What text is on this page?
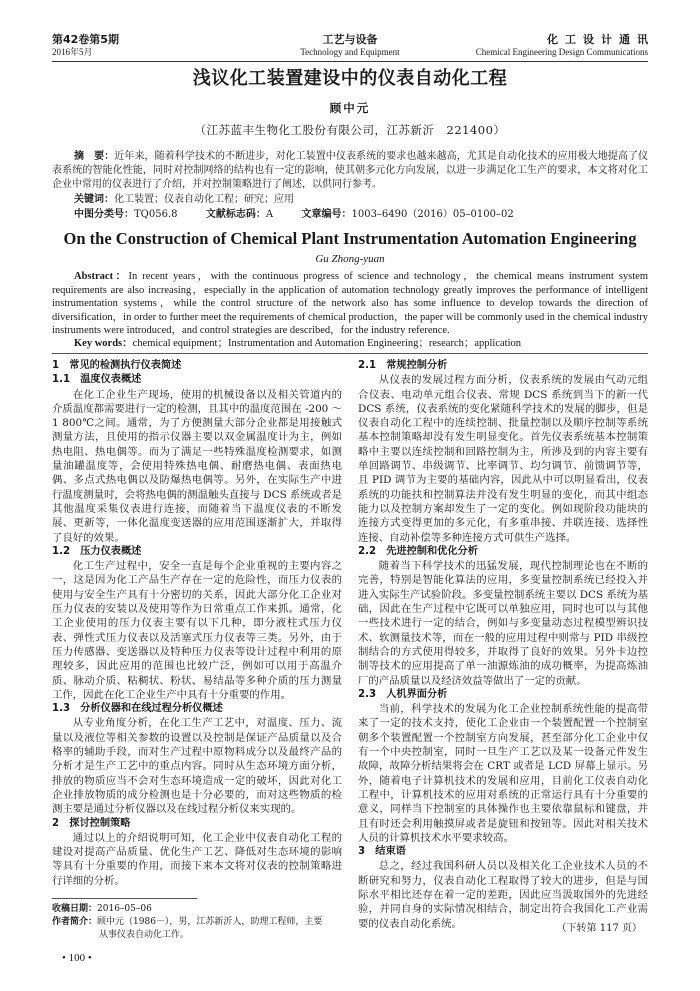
第42卷第5期
2016年5月
工艺与设备
Technology and Equipment
化工设计通讯
Chemical Engineering Design Communications
浅议化工装置建设中的仪表自动化工程
顾中元
（江苏蓝丰生物化工股份有限公司，江苏新沂　221400）
摘　要：近年来，随着科学技术的不断进步，对化工装置中仪表系统的要求也越来越高，尤其是自动化技术的应用极大地提高了仪表系统的智能化性能，同时对控制网络的结构也有一定的影响，使其朝多元化方向发展，以进一步满足化工生产的要求，本文将对化工企业中常用的仪表进行了介绍，并对控制策略进行了阐述，以供同行参考。
关键词：化工装置；仪表自动化工程；研究；应用
中图分类号：TQ056.8	文献标志码：A	文章编号：1003–6490（2016）05–0100–02
On the Construction of Chemical Plant Instrumentation Automation Engineering
Gu Zhong-yuan
Abstract：In recent years，with the continuous progress of science and technology，the chemical means instrument system requirements are also increasing，especially in the application of automation technology greatly improves the performance of intelligent instrumentation systems，while the control structure of the network also has some influence to develop towards the direction of diversification，in order to further meet the requirements of chemical production，the paper will be commonly used in the chemical industry instruments were introduced，and control strategies are described，for the industry reference.
Key words：chemical equipment；Instrumentation and Automation Engineering；research；application
1　常见的检测执行仪表简述
1.1　温度仪表概述

在化工企业生产现场，使用的机械设备以及相关管道内的介质温度都需要进行一定的检测，且其中的温度范围在 -200 ～ 1 800℃之间。通常，为了方便测量大部分企业都是用接触式测量方法，且使用的指示仪器主要以双金属温度计为主，例如热电阻、热电偶等。而为了满足一些特殊温度检测要求，如测量油罐温度等，会使用特殊热电偶、耐磨热电偶、表面热电偶、多点式热电偶以及防爆热电偶等。另外，在实际生产中进行温度测量时，会将热电偶的测温触头直接与 DCS 系统或者是其他温度采集仪表进行连接，而随着当下温度仪表的不断发展、更新等，一体化温度变送器的应用范围逐渐扩大，并取得了良好的效果。

1.2　压力仪表概述

化工生产过程中，安全一直是每个企业重视的主要内容之一，这是因为化工产品生产存在一定的危险性，而压力仪表的使用与安全生产具有十分密切的关系，因此大部分化工企业对压力仪表的安装以及使用等作为日常重点工作来抓。通常，化工企业使用的压力仪表主要有以下几种，即分液柱式压力仪表、弹性式压力仪表以及活塞式压力仪表等三类。另外，由于压力传感器、变送器以及特种压力仪表等设计过程中利用的原理较多，因此应用的范围也比较广泛，例如可以用于高温介质、脉动介质、粘稠状、粉状、易结晶等多种介质的压力测量工作，因此在化工企业生产中具有十分重要的作用。

1.3　分析仪器和在线过程分析仪概述

从专业角度分析，在化工生产工艺中，对温度、压力、流量以及液位等相关参数的设置以及控制是保证产品质量以及合格率的辅助手段，而对生产过程中原物料成分以及最终产品的分析才是生产工艺中的重点内容。同时从生态环境方面分析，排放的物质应当不会对生态环境造成一定的破坏，因此对化工企业排放物质的成分检测也是十分必要的，而对这些物质的检测主要是通过分析仪器以及在线过程分析仪来实现的。

2　探讨控制策略

通过以上的介绍说明可知，化工企业中仪表自动化工程的建设对提高产品质量、优化生产工艺、降低对生态环境的影响等具有十分重要的作用，而接下来本文将对仪表的控制策略进行详细的分析。

2.1　常规控制分析

从仪表的发展过程方面分析，仪表系统的发展由气动元组合仪表、电动单元组合仪表、常规 DCS 系统到当下的新一代DCS 系统，仪表系统的变化紧随科学技术的发展的脚步，但是仪表自动化工程中的连续控制、批量控制以及顺序控制等系统基本控制策略却没有发生明显变化。首先仪表系统基本控制策略中主要以连续控制和回路控制为主，所涉及到的内容主要有单回路调节、串级调节、比率调节、均匀调节、前馈调节等，且 PID 调节为主要的基础内容，因此从中可以明显看出，仪表系统的功能扶和控制算法并没有发生明显的变化，而其中组态能力以及控制方案却发生了一定的变化。例如现阶段功能块的连接方式变得更加的多元化，有多重串接、并联连接、选择性连接、自动补偿等多种连接方式可供生产选择。

2.2　先进控制和优化分析

随着当下科学技术的迅猛发展，现代控制理论也在不断的完善，特别是智能化算法的应用，多变量控制系统已经投入并进入实际生产试验阶段。多变量控制系统主要以 DCS 系统为基础，因此在生产过程中它既可以单独应用，同时也可以与其他一些技术进行一定的结合，例如与多变量动态过程模型辨识技术、软测量技术等，而在一般的应用过程中则常与 PID 串级控制结合的方式使用得较多，并取得了良好的效果。另外卡边控制等技术的应用提高了单一油源炼油的成功概率，为提高炼油厂的产品质量以及经济效益等做出了一定的贡献。

2.3　人机界面分析

当前，科学技术的发展为化工企业控制系统性能的提高带来了一定的技术支持，使化工企业由一个装置配置一个控制室朝多个装置配置一个控制室方向发展，甚至部分化工企业中仅有一个中央控制室，同时一旦生产工艺以及某一设备元件发生故障，故障分析结果将会在 CRT 或者是 LCD 屏幕上显示。另外，随着电子计算机技术的发展和应用，目前化工仪表自动化工程中，计算机技术的应用对系统的正常运行具有十分重要的意义，同样当下控制室的具体操作也主要依靠鼠标和键盘，并且有时还会利用触摸屏或者是旋钮和按钮等。因此对相关技术人员的计算机技术水平要求较高。

3　结束语

总之，经过我国科研人员以及相关化工企业技术人员的不断研究和努力，仪表自动化工程取得了较大的进步，但是与国际水平相比还存在着一定的差距，因此应当汲取国外的先进经验，并同自身的实际情况相结合，制定出符合我国化工产业需要的仪表自动化系统。	（下转第 117 页）
收稿日期：2016–05–06
作者简介：顾中元（1986－），男，江苏新沂人，助理工程师，主要
从事仪表自动化工作。
• 100 •
